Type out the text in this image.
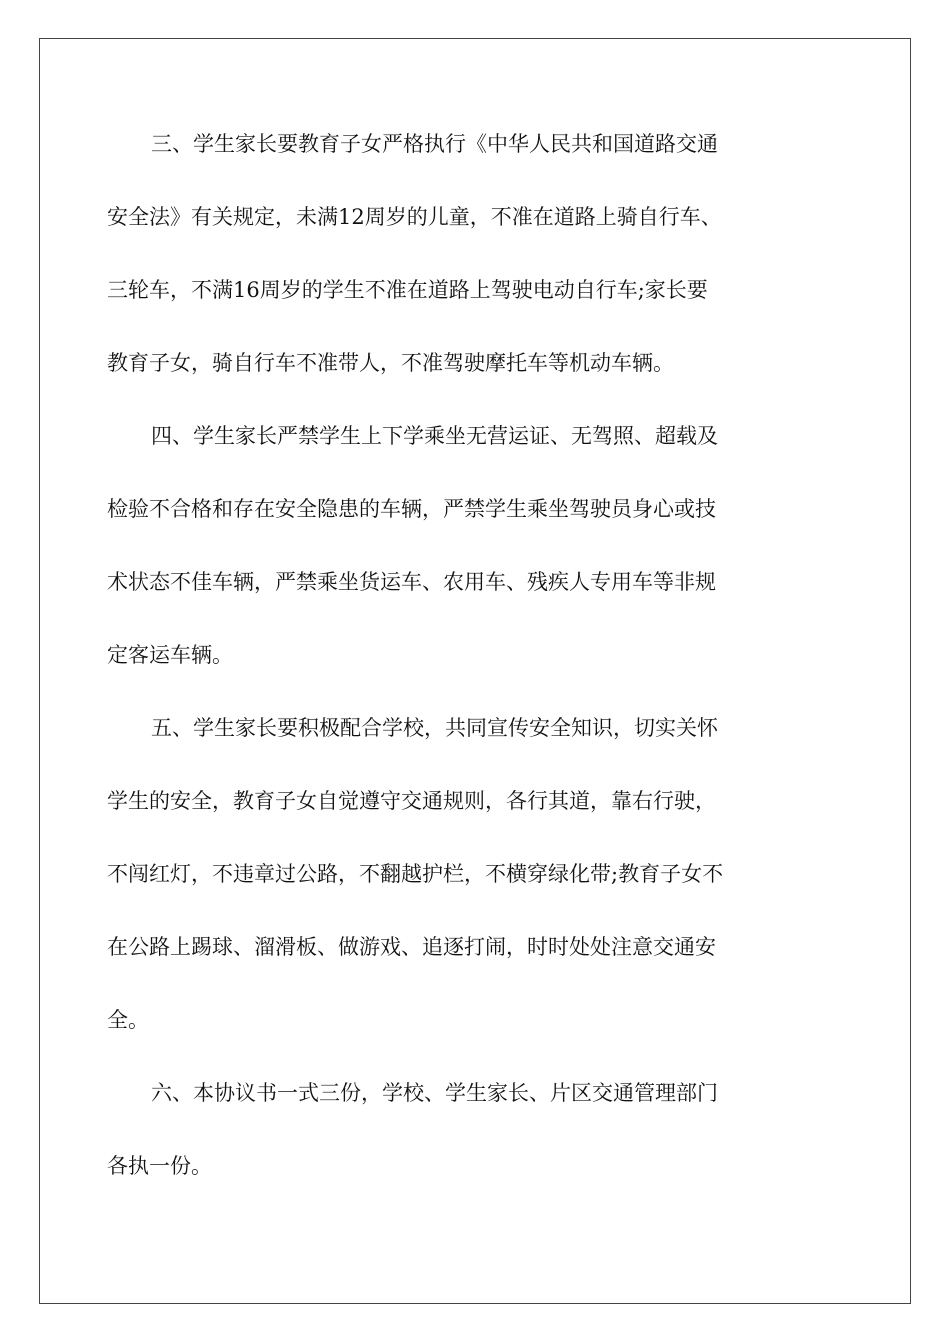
三、学生家长要教育子女严格执行《中华人民共和国道路交通
安全法》有关规定，未满12周岁的儿童，不准在道路上骑自行车、
三轮车，不满16周岁的学生不准在道路上驾驶电动自行车;家长要
教育子女，骑自行车不准带人，不准驾驶摩托车等机动车辆。
四、学生家长严禁学生上下学乘坐无营运证、无驾照、超载及
检验不合格和存在安全隐患的车辆，严禁学生乘坐驾驶员身心或技
术状态不佳车辆，严禁乘坐货运车、农用车、残疾人专用车等非规
定客运车辆。
五、学生家长要积极配合学校，共同宣传安全知识，切实关怀
学生的安全，教育子女自觉遵守交通规则，各行其道，靠右行驶，
不闯红灯，不违章过公路，不翻越护栏，不横穿绿化带;教育子女不
在公路上踢球、溜滑板、做游戏、追逐打闹，时时处处注意交通安
全。
六、本协议书一式三份，学校、学生家长、片区交通管理部门
各执一份。
